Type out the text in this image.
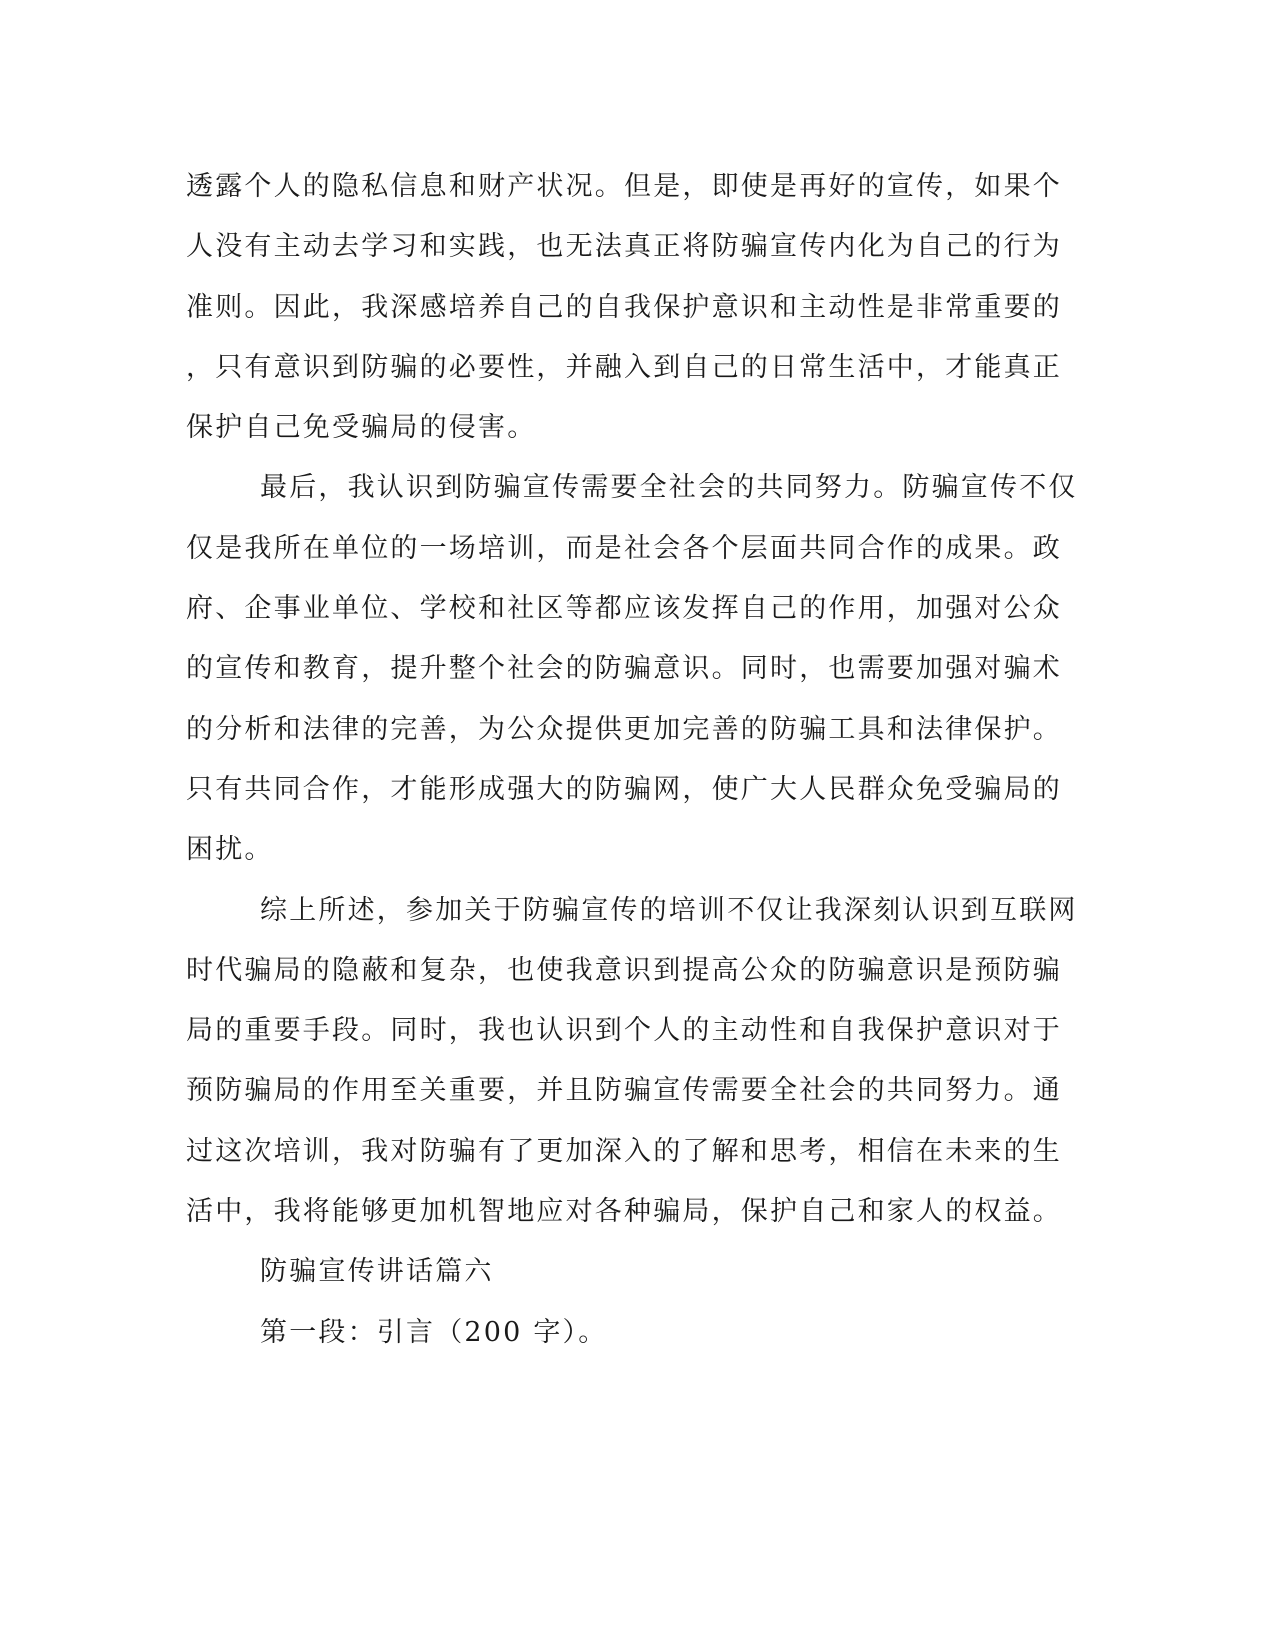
透露个人的隐私信息和财产状况。但是，即使是再好的宣传，如果个
人没有主动去学习和实践，也无法真正将防骗宣传内化为自己的行为
准则。因此，我深感培养自己的自我保护意识和主动性是非常重要的
，只有意识到防骗的必要性，并融入到自己的日常生活中，才能真正
保护自己免受骗局的侵害。
最后，我认识到防骗宣传需要全社会的共同努力。防骗宣传不仅
仅是我所在单位的一场培训，而是社会各个层面共同合作的成果。政
府、企事业单位、学校和社区等都应该发挥自己的作用，加强对公众
的宣传和教育，提升整个社会的防骗意识。同时，也需要加强对骗术
的分析和法律的完善，为公众提供更加完善的防骗工具和法律保护。
只有共同合作，才能形成强大的防骗网，使广大人民群众免受骗局的
困扰。
综上所述，参加关于防骗宣传的培训不仅让我深刻认识到互联网
时代骗局的隐蔽和复杂，也使我意识到提高公众的防骗意识是预防骗
局的重要手段。同时，我也认识到个人的主动性和自我保护意识对于
预防骗局的作用至关重要，并且防骗宣传需要全社会的共同努力。通
过这次培训，我对防骗有了更加深入的了解和思考，相信在未来的生
活中，我将能够更加机智地应对各种骗局，保护自己和家人的权益。
防骗宣传讲话篇六
第一段：引言（200 字）。
